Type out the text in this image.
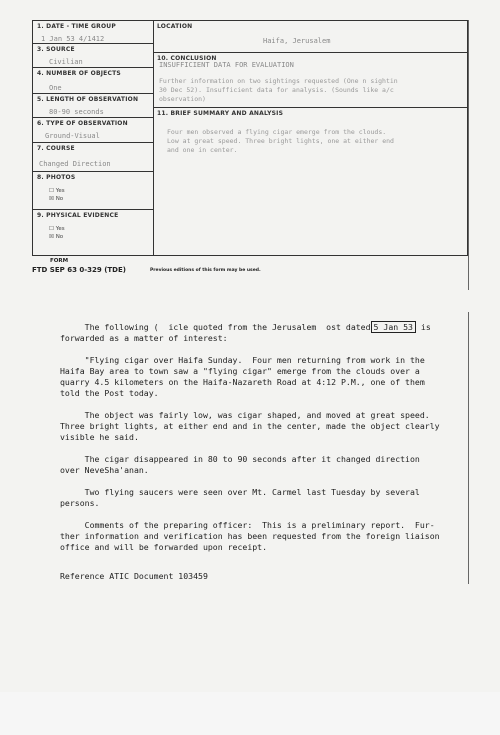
1. DATE - TIME GROUP
1 Jan 53 4/1412
3. SOURCE
Civilian
4. NUMBER OF OBJECTS
One
5. LENGTH OF OBSERVATION
80-90 seconds
6. TYPE OF OBSERVATION
Ground-Visual
7. COURSE
Changed Direction
8. PHOTOS
☐ Yes
☒ No
9. PHYSICAL EVIDENCE
☐ Yes
☒ No
LOCATION
Haifa, Jerusalem
10. CONCLUSION
INSUFFICIENT DATA FOR EVALUATION
Further information on two sightings requested (One n sightin
30 Dec 52). Insufficient data for analysis. (Sounds like a/c
observation)
11. BRIEF SUMMARY AND ANALYSIS
Four men observed a flying cigar emerge from the clouds.
Low at great speed. Three bright lights, one at either end
and one in center.
FORM
FTD SEP 63 0-329 (TDE)	Previous editions of this form may be used.
The following (  icle quoted from the Jerusalem  ost dated 5 Jan 53 is
forwarded as a matter of interest:
"Flying cigar over Haifa Sunday.  Four men returning from work in the
Haifa Bay area to town saw a "flying cigar" emerge from the clouds over a
quarry 4.5 kilometers on the Haifa-Nazareth Road at 4:12 P.M., one of them
told the Post today.
The object was fairly low, was cigar shaped, and moved at great speed.
Three bright lights, at either end and in the center, made the object clearly
visible he said.
The cigar disappeared in 80 to 90 seconds after it changed direction
over NeveSha'anan.
Two flying saucers were seen over Mt. Carmel last Tuesday by several
persons.
Comments of the preparing officer:  This is a preliminary report.  Fur-
ther information and verification has been requested from the foreign liaison
office and will be forwarded upon receipt.
Reference ATIC Document 103459
